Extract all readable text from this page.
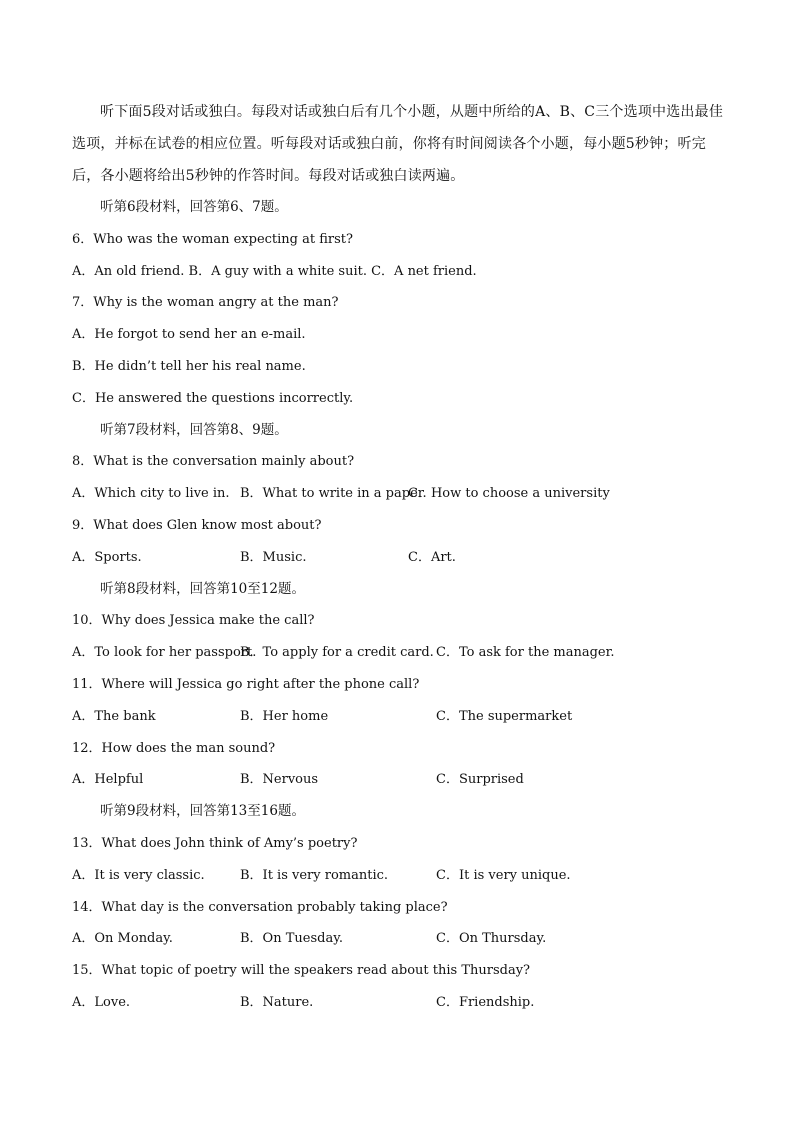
听下面5段对话或独白。每段对话或独白后有几个小题，从题中所给的A、B、C三个选项中选出最佳选项，并标在试卷的相应位置。听每段对话或独白前，你将有时间阅读各个小题，每小题5秒钟；听完后，各小题将给出5秒钟的作答时间。每段对话或独白读两遍。

听第6段材料，回答第6、7题。
6．Who was the woman expecting at first?
A．An old friend. B．A guy with a white suit. C．A net friend.
7．Why is the woman angry at the man?
A．He forgot to send her an e-mail.
B．He didn’t tell her his real name.
C．He answered the questions incorrectly.
听第7段材料，回答第8、9题。
8．What is the conversation mainly about?
A．Which city to live in. B．What to write in a paper.
C．How to choose a university
9．What does Glen know most about?
A．Sports.	B．Music.	C．Art.
听第8段材料，回答第10至12题。
10．Why does Jessica make the call?
A．To look for her passport.
B．To apply for a credit card. C．To ask for the manager.
11．Where will Jessica go right after the phone call?
A．The bank	B．Her home	C．The supermarket
12．How does the man sound?
A．Helpful	B．Nervous	C．Surprised
听第9段材料，回答第13至16题。
13．What does John think of Amy’s poetry?
A．It is very classic.	B．It is very romantic.	C．It is very unique.
14．What day is the conversation probably taking place?
A．On Monday.	B．On Tuesday.	C．On Thursday.
15．What topic of poetry will the speakers read about this Thursday?
A．Love.	B．Nature.	C．Friendship.
